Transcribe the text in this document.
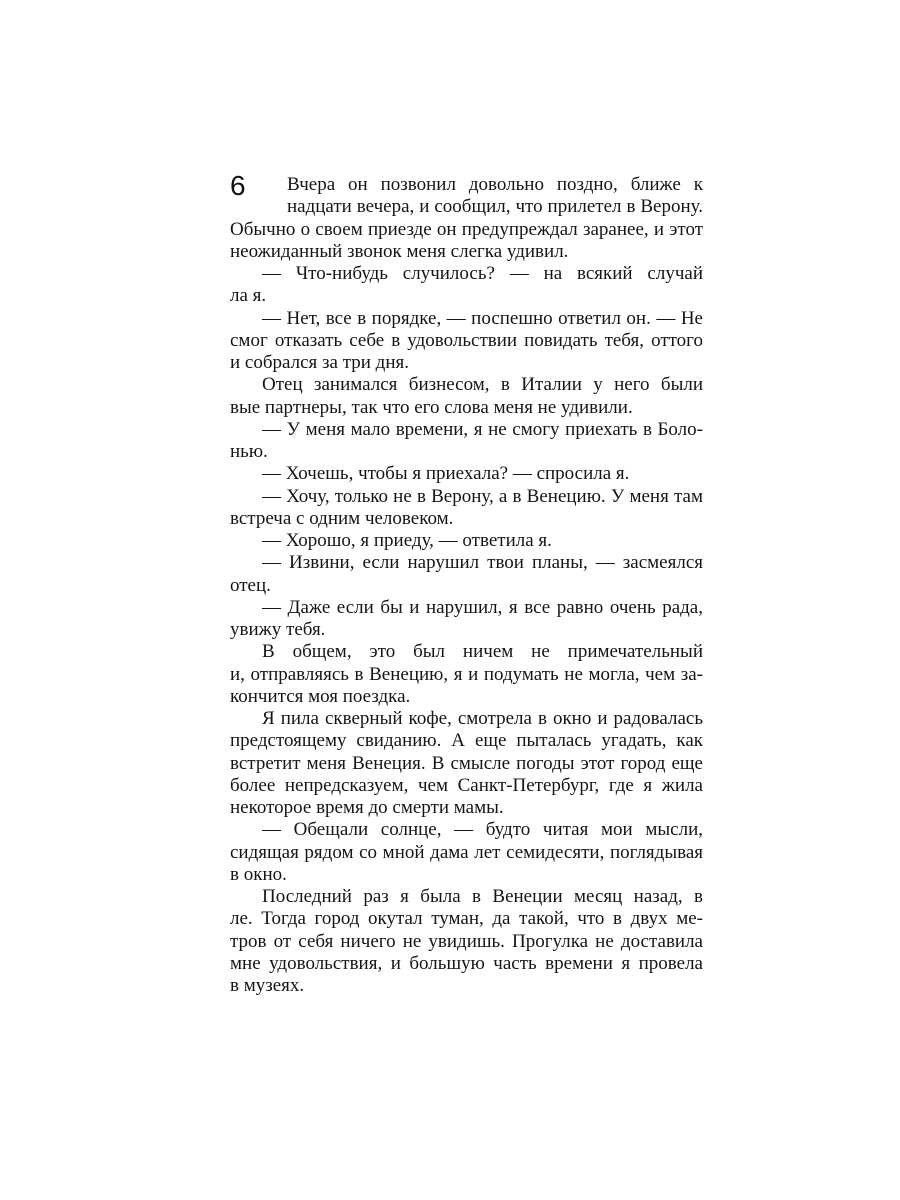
6 Вчера он позвонил довольно поздно, ближе к
надцати вечера, и сообщил, что прилетел в Верону.
Обычно о своем приезде он предупреждал заранее, и этот
неожиданный звонок меня слегка удивил.
— Что-нибудь случилось? — на всякий случай
ла я.
— Нет, все в порядке, — поспешно ответил он. — Не
смог отказать себе в удовольствии повидать тебя, оттого
и собрался за три дня.
Отец занимался бизнесом, в Италии у него были
вые партнеры, так что его слова меня не удивили.
— У меня мало времени, я не смогу приехать в Боло-
нью.
— Хочешь, чтобы я приехала? — спросила я.
— Хочу, только не в Верону, а в Венецию. У меня там
встреча с одним человеком.
— Хорошо, я приеду, — ответила я.
— Извини, если нарушил твои планы, — засмеялся
отец.
— Даже если бы и нарушил, я все равно очень рада,
увижу тебя.
В общем, это был ничем не примечательный
и, отправляясь в Венецию, я и подумать не могла, чем за-
кончится моя поездка.
Я пила скверный кофе, смотрела в окно и радовалась
предстоящему свиданию. А еще пыталась угадать, как
встретит меня Венеция. В смысле погоды этот город еще
более непредсказуем, чем Санкт-Петербург, где я жила
некоторое время до смерти мамы.
— Обещали солнце, — будто читая мои мысли,
сидящая рядом со мной дама лет семидесяти, поглядывая
в окно.
Последний раз я была в Венеции месяц назад, в
ле. Тогда город окутал туман, да такой, что в двух ме-
тров от себя ничего не увидишь. Прогулка не доставила
мне удовольствия, и большую часть времени я провела
в музеях.
